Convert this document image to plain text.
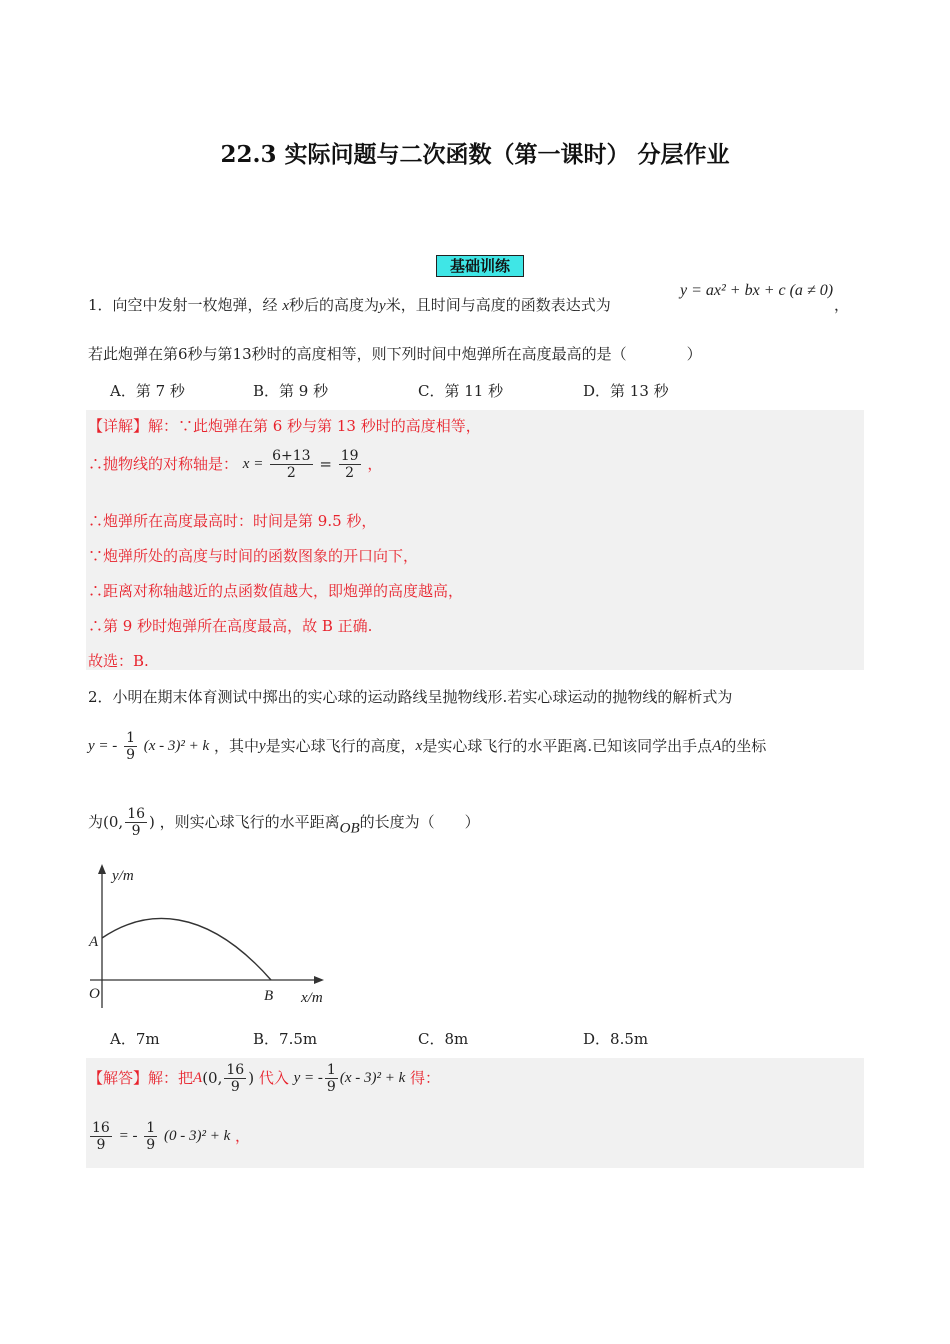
22.3 实际问题与二次函数（第一课时） 分层作业
基础训练
1．向空中发射一枚炮弹，经 x秒后的高度为y米，且时间与高度的函数表达式为
y = ax² + bx + c (a ≠ 0)
，
若此炮弹在第6秒与第13秒时的高度相等，则下列时间中炮弹所在高度最高的是（　　　　）
A．第 7 秒	B．第 9 秒	C．第 11 秒	D．第 13 秒
【详解】解：∵此炮弹在第 6 秒与第 13 秒时的高度相等，
∴抛物线的对称轴是： $x = \frac{6+13}{2} = \frac{19}{2}$ ，
∴炮弹所在高度最高时：时间是第 9.5 秒，
∵炮弹所处的高度与时间的函数图象的开口向下，
∴距离对称轴越近的点函数值越大，即炮弹的高度越高，
∴第 9 秒时炮弹所在高度最高，故 B 正确.
故选：B.
2．小明在期末体育测试中掷出的实心球的运动路线呈抛物线形.若实心球运动的抛物线的解析式为
y = - $\frac{1}{9} (x - 3)^2 + k$ ，其中y是实心球飞行的高度，x是实心球飞行的水平距离.已知该同学出手点A的坐标
为(0, $\frac{16}{9}$ ) ，则实心球飞行的水平距离OB的长度为（　　）
y/m
x/m
O
A
B
A．7m	B．7.5m	C．8m	D．8.5m
【解答】解：把A(0, $\frac{16}{9}$ ) 代入 y = - $\frac{1}{9} (x - 3)^2 + k$ 得：
$\frac{16}{9}$ = - $\frac{1}{9} (0 - 3)^2 + k$ ，
